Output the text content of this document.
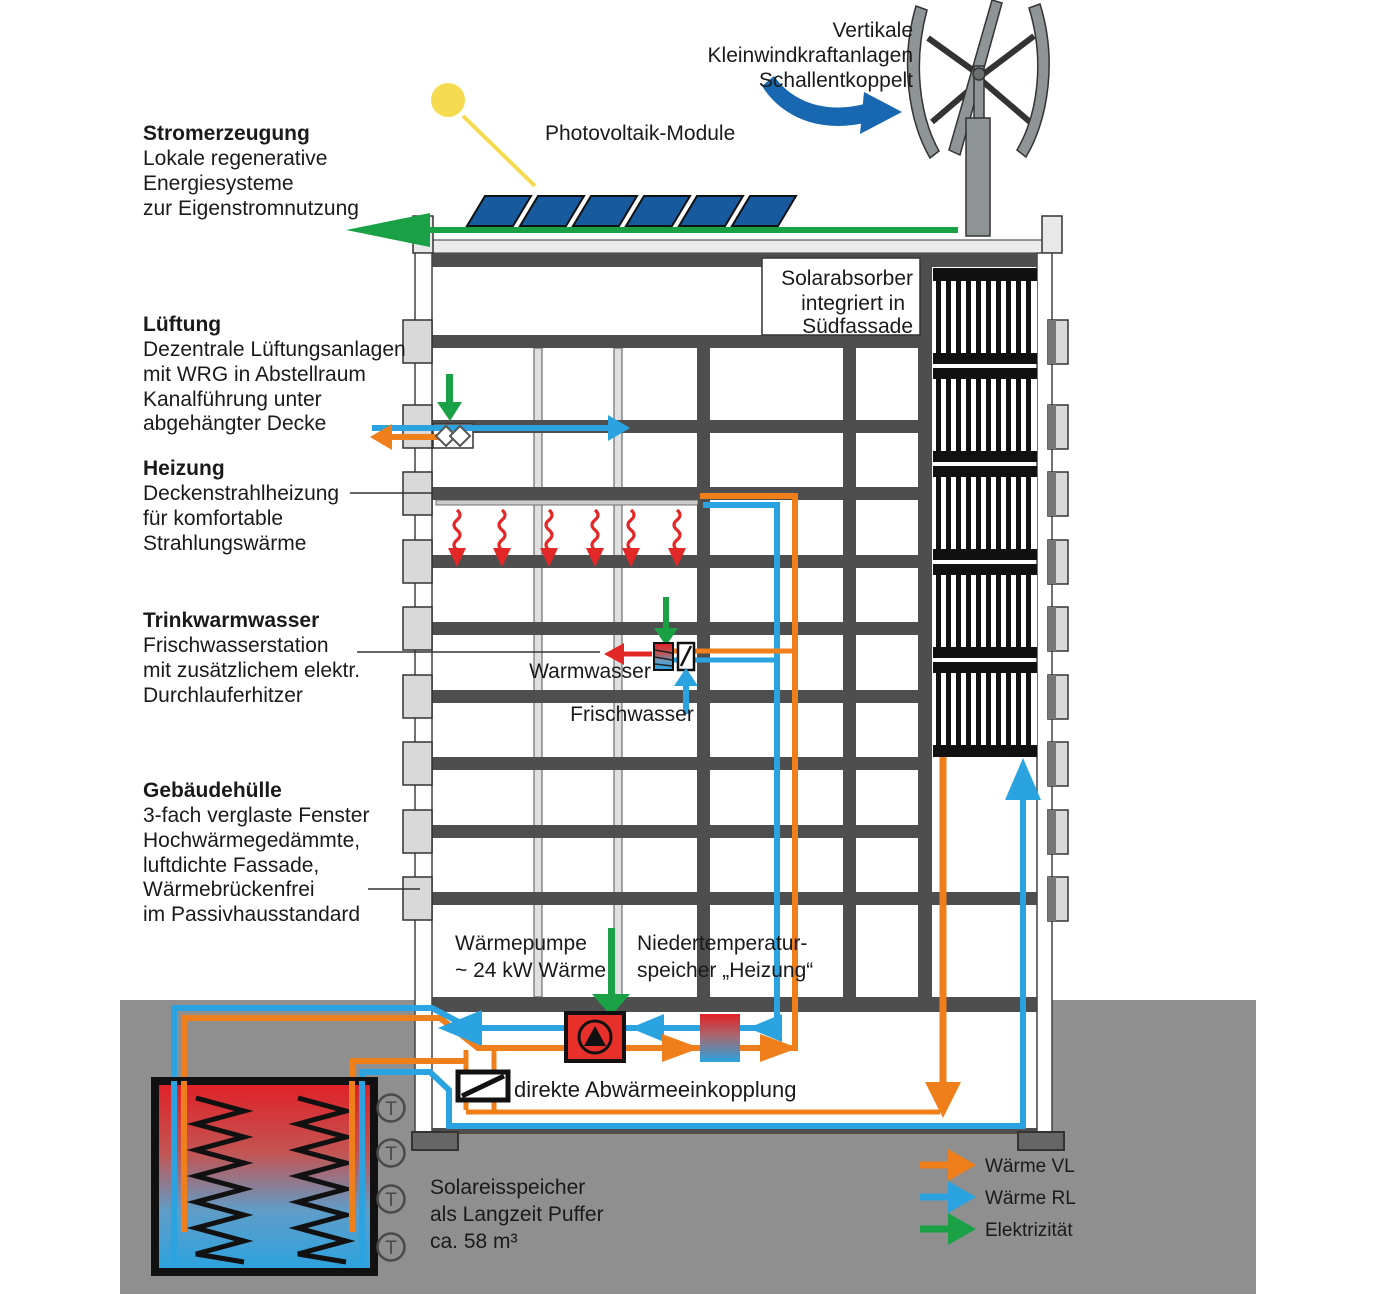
Solarabsorber
integriert in
Südfassade
Warmwasser
Frischwasser
direkte Abwärmeeinkopplung
T
T
T
T
Stromerzeugung
Lokale regenerative
Energiesysteme
zur Eigenstromnutzung
Lüftung
Dezentrale Lüftungsanlagen
mit WRG in Abstellraum
Kanalführung unter
abgehängter Decke
Heizung
Deckenstrahlheizung
für komfortable
Strahlungswärme
Trinkwarmwasser
Frischwasserstation
mit zusätzlichem elektr.
Durchlauferhitzer
Gebäudehülle
3-fach verglaste Fenster
Hochwärmegedämmte,
luftdichte Fassade,
Wärmebrückenfrei
im Passivhausstandard
Photovoltaik-Module
Vertikale
Kleinwindkraftanlagen
Schallentkoppelt
Wärmepumpe
~ 24 kW Wärme
Niedertemperatur-
speicher „Heizung“
Solareisspeicher
als Langzeit Puffer
ca. 58 m³
Wärme VL
Wärme RL
Elektrizität
